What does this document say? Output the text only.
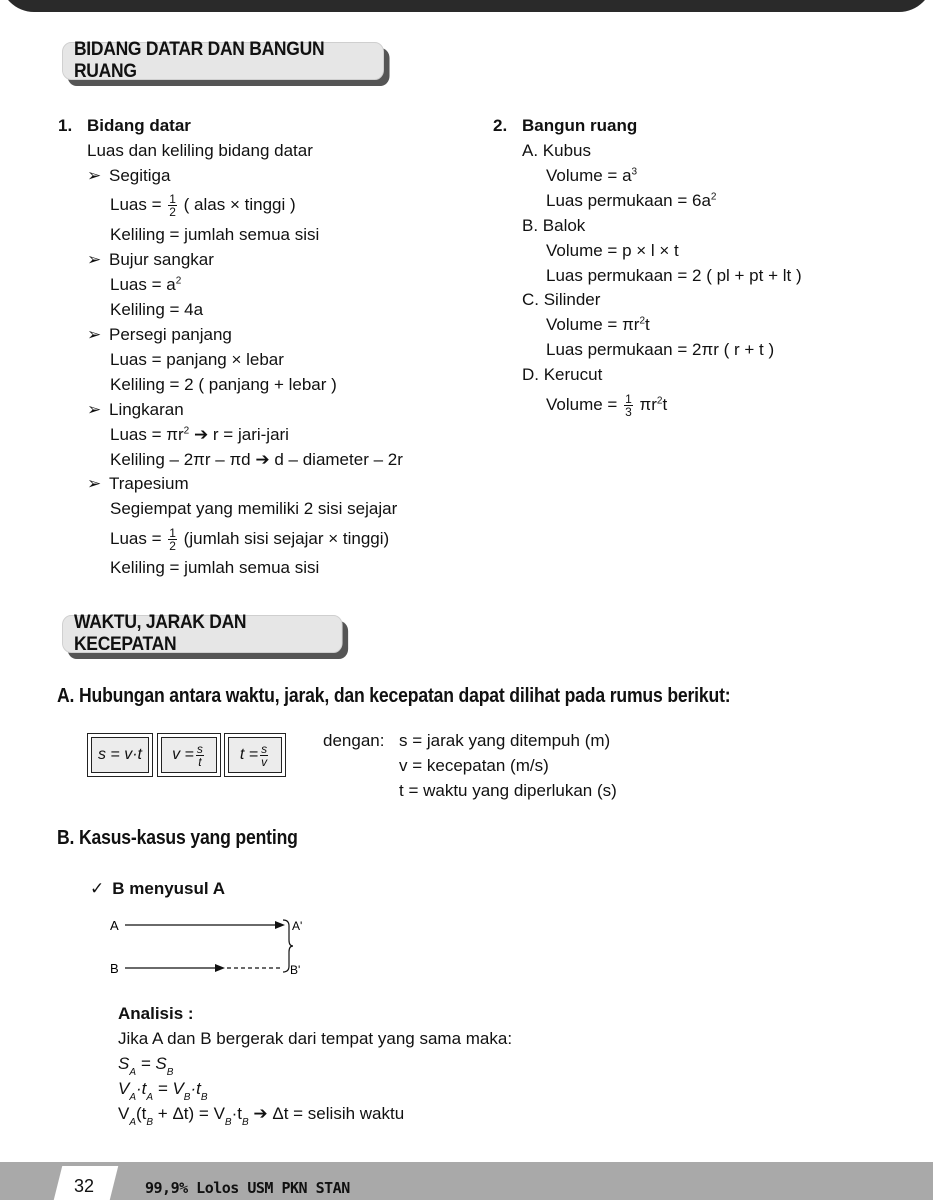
BIDANG DATAR DAN BANGUN RUANG
1. Bidang datar
Luas dan keliling bidang datar
➢ Segitiga
Luas = $\frac{1}{2}$ ( alas × tinggi )
Keliling = jumlah semua sisi
➢ Bujur sangkar
Luas = $a^2$
Keliling = 4a
➢ Persegi panjang
Luas = panjang × lebar
Keliling = 2 ( panjang + lebar )
➢ Lingkaran
Luas = $\pi r^2$ ➔ r = jari-jari
Keliling – 2πr – πd ➔ d – diameter – 2r
➢ Trapesium
Segiempat yang memiliki 2 sisi sejajar
Luas = $\frac{1}{2}$ (jumlah sisi sejajar × tinggi)
Keliling = jumlah semua sisi
2. Bangun ruang
A. Kubus
Volume = $a^3$
Luas permukaan = $6a^2$
B. Balok
Volume = p × l × t
Luas permukaan = 2 ( pl + pt + lt )
C. Silinder
Volume = $\pi r^2t$
Luas permukaan = 2πr ( r + t )
D. Kerucut
Volume = $\frac{1}{3} \pi r^2t$
WAKTU, JARAK DAN KECEPATAN
A. Hubungan antara waktu, jarak, dan kecepatan dapat dilihat pada rumus berikut:
s = v·t $v = \frac{s}{t}$ $t = \frac{s}{v}$
dengan: s = jarak yang ditempuh (m)
v = kecepatan (m/s)
t = waktu yang diperlukan (s)
B. Kasus-kasus yang penting
✓ B menyusul A
A
B
A'
B'
Analisis :
Jika A dan B bergerak dari tempat yang sama maka:
$S_A = S_B$
$V_A\cdot t_A = V_B\cdot t_B$
$V_A(t_B + \Delta t) = V_B\cdot t_B$ ➔ Δt = selisih waktu
32	99,9% Lolos USM PKN STAN
